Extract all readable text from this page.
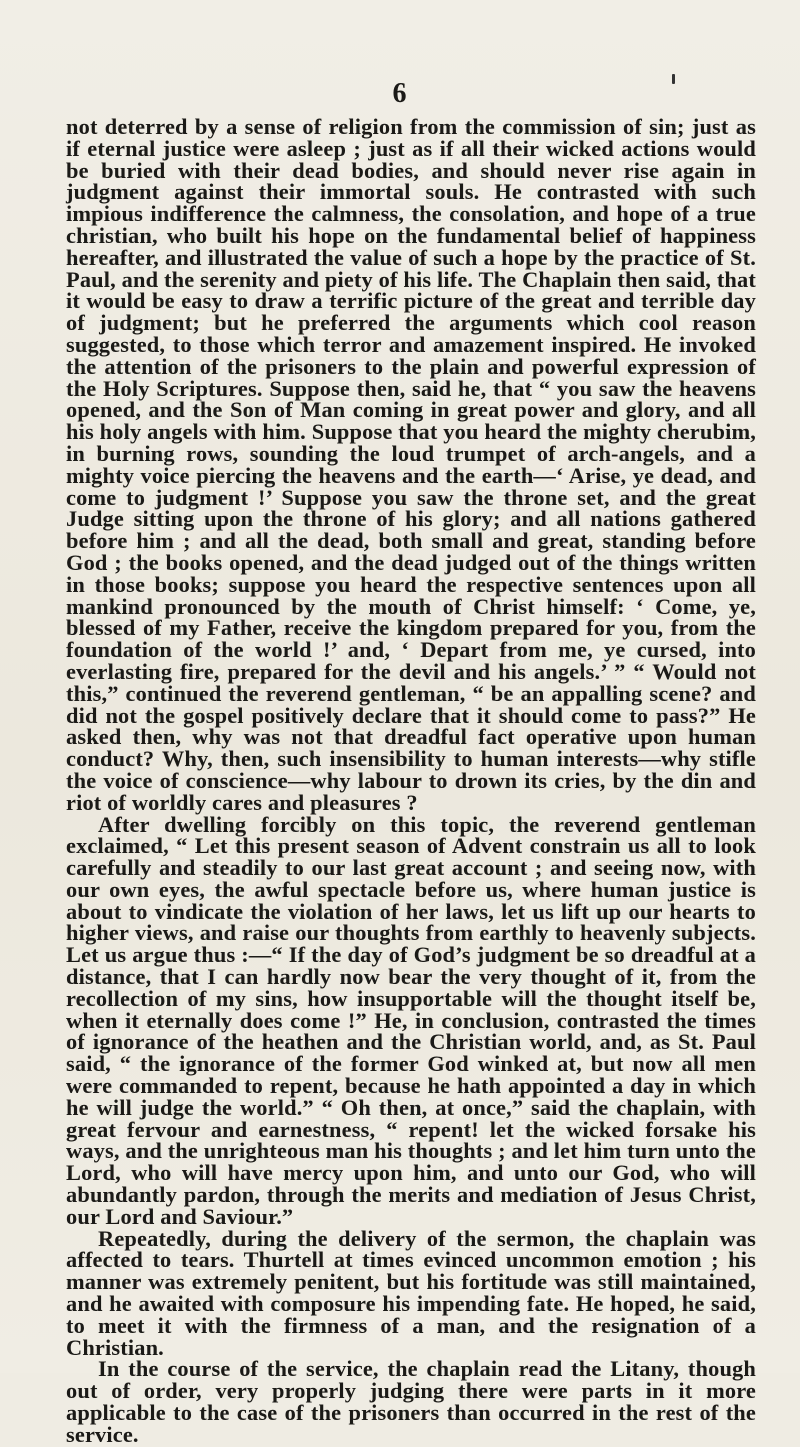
6

not deterred by a sense of religion from the commission of sin; just as if eternal justice were asleep ; just as if all their wicked actions would be buried with their dead bodies, and should never rise again in judgment against their immortal souls. He contrasted with such impious indifference the calmness, the consolation, and hope of a true christian, who built his hope on the fundamental belief of happiness hereafter, and illustrated the value of such a hope by the practice of St. Paul, and the serenity and piety of his life. The Chaplain then said, that it would be easy to draw a terrific picture of the great and terrible day of judgment; but he preferred the arguments which cool reason suggested, to those which terror and amazement inspired. He invoked the attention of the prisoners to the plain and powerful expression of the Holy Scriptures. Suppose then, said he, that “ you saw the heavens opened, and the Son of Man coming in great power and glory, and all his holy angels with him. Suppose that you heard the mighty cherubim, in burning rows, sounding the loud trumpet of arch-angels, and a mighty voice piercing the heavens and the earth—‘ Arise, ye dead, and come to judgment !’ Suppose you saw the throne set, and the great Judge sitting upon the throne of his glory; and all nations gathered before him ; and all the dead, both small and great, standing before God ; the books opened, and the dead judged out of the things written in those books; suppose you heard the respective sentences upon all mankind pronounced by the mouth of Christ himself: ‘ Come, ye, blessed of my Father, receive the kingdom prepared for you, from the foundation of the world !’ and, ‘ Depart from me, ye cursed, into everlasting fire, prepared for the devil and his angels.’ ” “ Would not this,” continued the reverend gentleman, “ be an appalling scene? and did not the gospel positively declare that it should come to pass?” He asked then, why was not that dreadful fact operative upon human conduct? Why, then, such insensibility to human interests—why stifle the voice of conscience—why labour to drown its cries, by the din and riot of worldly cares and pleasures ?

After dwelling forcibly on this topic, the reverend gentleman exclaimed, “ Let this present season of Advent constrain us all to look carefully and steadily to our last great account ; and seeing now, with our own eyes, the awful spectacle before us, where human justice is about to vindicate the violation of her laws, let us lift up our hearts to higher views, and raise our thoughts from earthly to heavenly subjects. Let us argue thus :—“ If the day of God’s judgment be so dreadful at a distance, that I can hardly now bear the very thought of it, from the recollection of my sins, how insupportable will the thought itself be, when it eternally does come !” He, in conclusion, contrasted the times of ignorance of the heathen and the Christian world, and, as St. Paul said, “ the ignorance of the former God winked at, but now all men were commanded to repent, because he hath appointed a day in which he will judge the world.” “ Oh then, at once,” said the chaplain, with great fervour and earnestness, “ repent! let the wicked forsake his ways, and the unrighteous man his thoughts ; and let him turn unto the Lord, who will have mercy upon him, and unto our God, who will abundantly pardon, through the merits and mediation of Jesus Christ, our Lord and Saviour.”

Repeatedly, during the delivery of the sermon, the chaplain was affected to tears. Thurtell at times evinced uncommon emotion ; his manner was extremely penitent, but his fortitude was still maintained, and he awaited with composure his impending fate. He hoped, he said, to meet it with the firmness of a man, and the resignation of a Christian.

In the course of the service, the chaplain read the Litany, though out of order, very properly judging there were parts in it more applicable to the case of the prisoners than occurred in the rest of the service.
